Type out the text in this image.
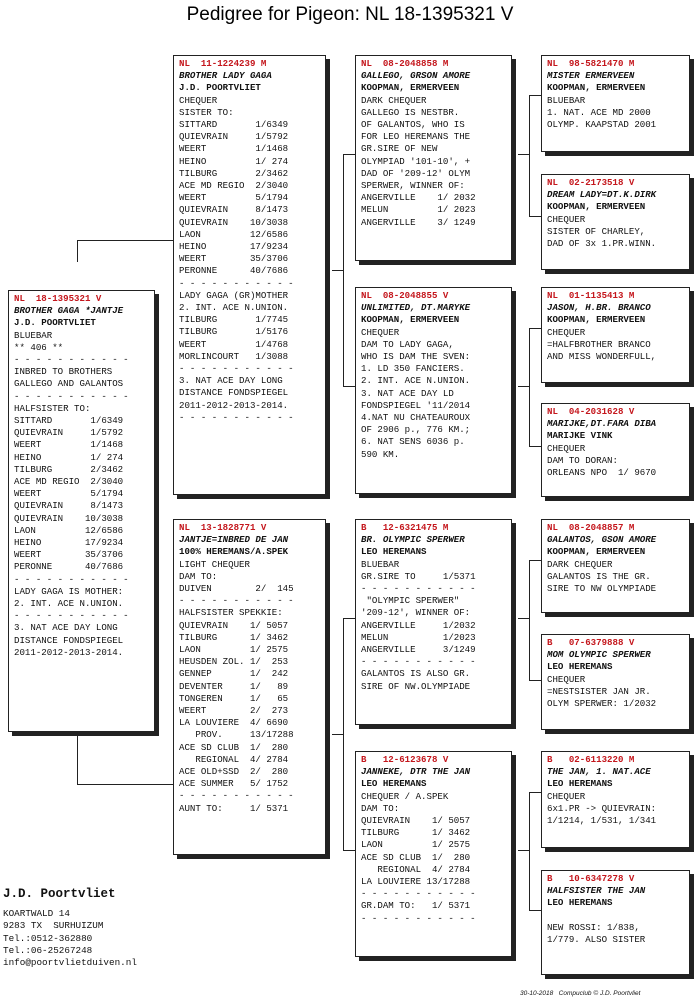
Pedigree for Pigeon: NL 18-1395321 V
NL  18-1395321 V
BROTHER GAGA *JANTJE
J.D. POORTVLIET
BLUEBAR
** 406 **
- - - - - - - - - - -
INBRED TO BROTHERS
GALLEGO AND GALANTOS
- - - - - - - - - - -
HALFSISTER TO:
SITTARD       1/6349
QUIEVRAIN     1/5792
WEERT         1/1468
HEINO         1/ 274
TILBURG       2/3462
ACE MD REGIO  2/3040
WEERT         5/1794
QUIEVRAIN     8/1473
QUIEVRAIN    10/3038
LAON         12/6586
HEINO        17/9234
WEERT        35/3706
PERONNE      40/7686
- - - - - - - - - - -
LADY GAGA IS MOTHER:
2. INT. ACE N.UNION.
- - - - - - - - - - -
3. NAT ACE DAY LONG
DISTANCE FONDSPIEGEL
2011-2012-2013-2014.
NL  11-1224239 M
BROTHER LADY GAGA
J.D. POORTVLIET
CHEQUER
SISTER TO:
SITTARD       1/6349
QUIEVRAIN     1/5792
WEERT         1/1468
HEINO         1/ 274
TILBURG       2/3462
ACE MD REGIO  2/3040
WEERT         5/1794
QUIEVRAIN     8/1473
QUIEVRAIN    10/3038
LAON         12/6586
HEINO        17/9234
WEERT        35/3706
PERONNE      40/7686
- - - - - - - - - - -
LADY GAGA (GR)MOTHER
2. INT. ACE N.UNION.
TILBURG       1/7745
TILBURG       1/5176
WEERT         1/4768
MORLINCOURT   1/3088
- - - - - - - - - - -
3. NAT ACE DAY LONG
DISTANCE FONDSPIEGEL
2011-2012-2013-2014.
- - - - - - - - - - -
NL  13-1828771 V
JANTJE=INBRED DE JAN
100% HEREMANS/A.SPEK
LIGHT CHEQUER
DAM TO:
DUIVEN        2/  145
- - - - - - - - - - -
HALFSISTER SPEKKIE:
QUIEVRAIN    1/ 5057
TILBURG      1/ 3462
LAON         1/ 2575
HEUSDEN ZOL. 1/  253
GENNEP       1/  242
DEVENTER     1/   89
TONGEREN     1/   65
WEERT        2/  273
LA LOUVIERE  4/ 6690
PROV.     13/17288
ACE SD CLUB  1/  280
REGIONAL  4/ 2784
ACE OLD+SSD  2/  280
ACE SUMMER   5/ 1752
- - - - - - - - - - -
AUNT TO:     1/ 5371
NL  08-2048858 M
GALLEGO, GRSON AMORE
KOOPMAN, ERMERVEEN
DARK CHEQUER
GALLEGO IS NESTBR.
OF GALANTOS, WHO IS
FOR LEO HEREMANS THE
GR.SIRE OF NEW
OLYMPIAD '101-10', +
DAD OF '209-12' OLYM
SPERWER, WINNER OF:
ANGERVILLE    1/ 2032
MELUN         1/ 2023
ANGERVILLE    3/ 1249
NL  08-2048855 V
UNLIMITED, DT.MARYKE
KOOPMAN, ERMERVEEN
CHEQUER
DAM TO LADY GAGA,
WHO IS DAM THE SVEN:
1. LD 350 FANCIERS.
2. INT. ACE N.UNION.
3. NAT ACE DAY LD
FONDSPIEGEL '11/2014
4.NAT NU CHATEAUROUX
OF 2906 p., 776 KM.;
6. NAT SENS 6036 p.
590 KM.
B   12-6321475 M
BR. OLYMPIC SPERWER
LEO HEREMANS
BLUEBAR
GR.SIRE TO     1/5371
- - - - - - - - - - -
"OLYMPIC SPERWER"
'209-12', WINNER OF:
ANGERVILLE     1/2032
MELUN          1/2023
ANGERVILLE     3/1249
- - - - - - - - - - -
GALANTOS IS ALSO GR.
SIRE OF NW.OLYMPIADE
B   12-6123678 V
JANNEKE, DTR THE JAN
LEO HEREMANS
CHEQUER / A.SPEK
DAM TO:
QUIEVRAIN    1/ 5057
TILBURG      1/ 3462
LAON         1/ 2575
ACE SD CLUB  1/  280
REGIONAL  4/ 2784
LA LOUVIERE 13/17288
- - - - - - - - - - -
GR.DAM TO:   1/ 5371
- - - - - - - - - - -
NL  98-5821470 M
MISTER ERMERVEEN
KOOPMAN, ERMERVEEN
BLUEBAR
1. NAT. ACE MD 2000
OLYMP. KAAPSTAD 2001
NL  02-2173518 V
DREAM LADY=DT.K.DIRK
KOOPMAN, ERMERVEEN
CHEQUER
SISTER OF CHARLEY,
DAD OF 3x 1.PR.WINN.
NL  01-1135413 M
JASON, H.BR. BRANCO
KOOPMAN, ERMERVEEN
CHEQUER
=HALFBROTHER BRANCO
AND MISS WONDERFULL,
NL  04-2031628 V
MARIJKE,DT.FARA DIBA
MARIJKE VINK
CHEQUER
DAM TO DORAN:
ORLEANS NPO  1/ 9670
NL  08-2048857 M
GALANTOS, GSON AMORE
KOOPMAN, ERMERVEEN
DARK CHEQUER
GALANTOS IS THE GR.
SIRE TO NW OLYMPIADE
B   07-6379888 V
MOM OLYMPIC SPERWER
LEO HEREMANS
CHEQUER
=NESTSISTER JAN JR.
OLYM SPERWER: 1/2032
B   02-6113220 M
THE JAN, 1. NAT.ACE
LEO HEREMANS
CHEQUER
6x1.PR -> QUIEVRAIN:
1/1214, 1/531, 1/341
B   10-6347278 V
HALFSISTER THE JAN
LEO HEREMANS

NEW ROSSI: 1/838,
1/779. ALSO SISTER
J.D. Poortvliet
KOARTWALD 14
9283 TX  SURHUIZUM
Tel.:0512-362880
Tel.:06-25267248
info@poortvlietduiven.nl
30-10-2018   Compuclub © J.D. Poortvliet
